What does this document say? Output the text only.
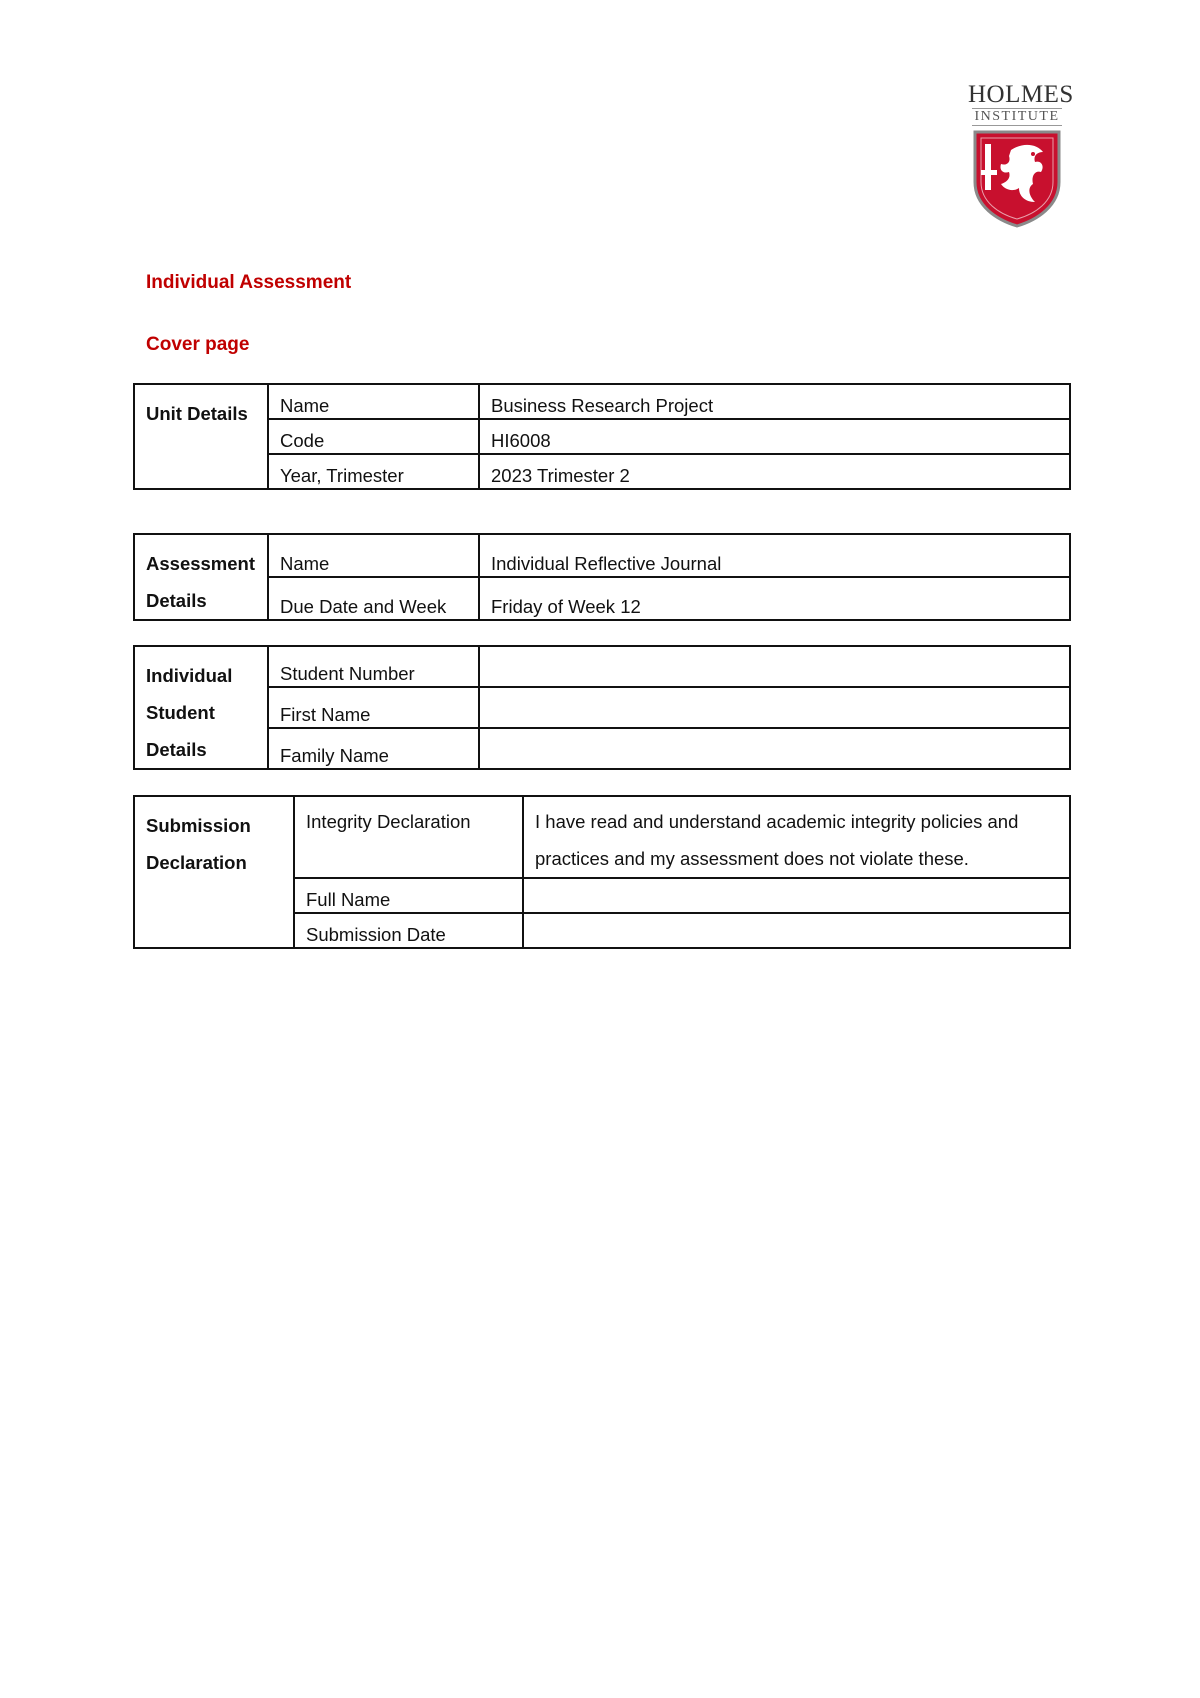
HOLMES
INSTITUTE
Individual Assessment
Cover page
Unit Details	Name	Business Research Project
	Code	HI6008
	Year, Trimester	2023 Trimester 2
Assessment Details	Name	Individual Reflective Journal
	Due Date and Week	Friday of Week 12
Individual Student Details	Student Number	
	First Name	
	Family Name	
Submission Declaration	Integrity Declaration	I have read and understand academic integrity policies and practices and my assessment does not violate these.
	Full Name	
	Submission Date	
